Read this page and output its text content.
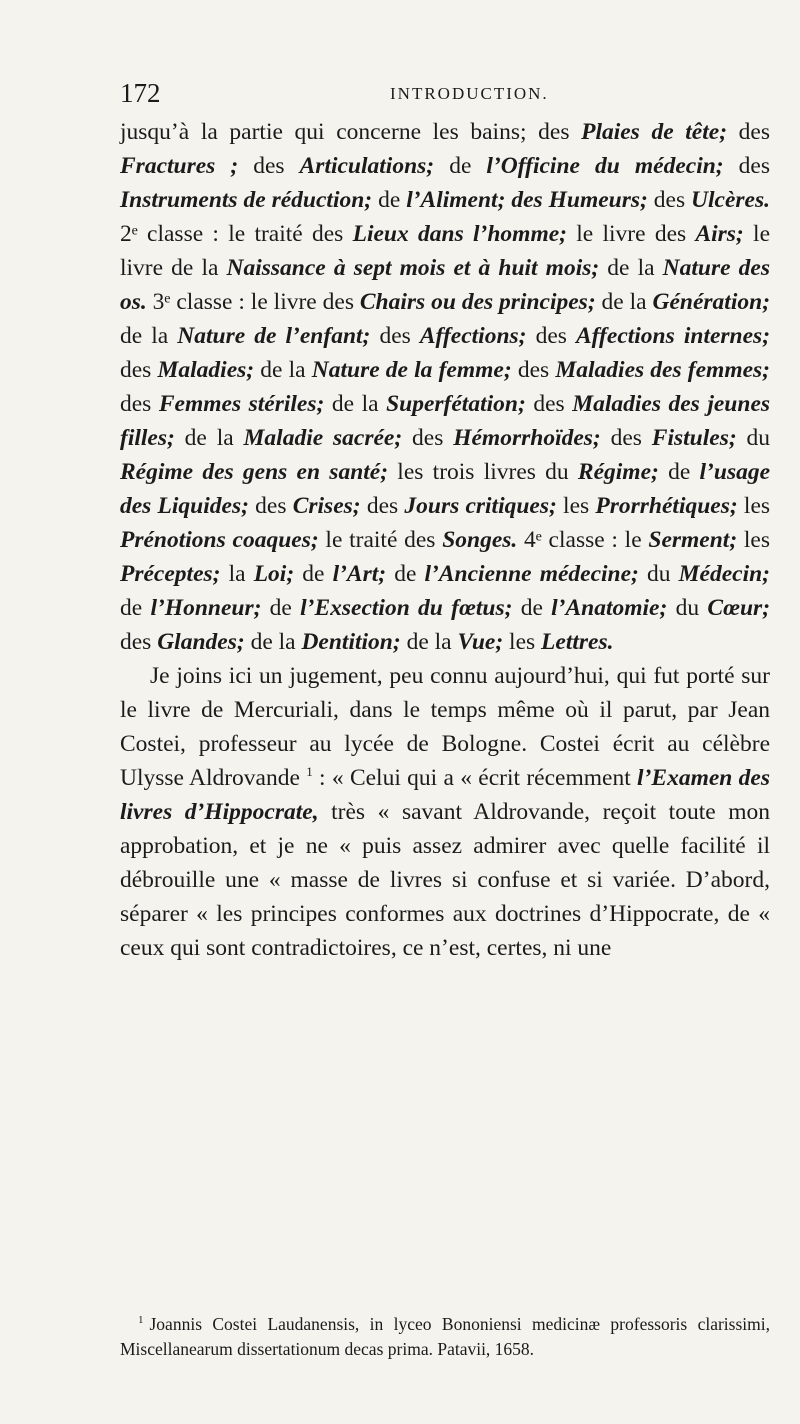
172	INTRODUCTION.

jusqu’à la partie qui concerne les bains; des Plaies de tête; des Fractures ; des Articulations; de l’Officine du médecin; des Instruments de réduction; de l’Aliment; des Humeurs; des Ulcères. 2ᵉ classe : le traité des Lieux dans l’homme; le livre des Airs; le livre de la Naissance à sept mois et à huit mois; de la Nature des os. 3ᵉ classe : le livre des Chairs ou des principes; de la Génération; de la Nature de l’enfant; des Affections; des Affections internes; des Maladies; de la Nature de la femme; des Maladies des femmes; des Femmes stériles; de la Superfétation; des Maladies des jeunes filles; de la Maladie sacrée; des Hémorrhoïdes; des Fistules; du Régime des gens en santé; les trois livres du Régime; de l’usage des Liquides; des Crises; des Jours critiques; les Prorrhétiques; les Prénotions coaques; le traité des Songes. 4ᵉ classe : le Serment; les Préceptes; la Loi; de l’Art; de l’Ancienne médecine; du Médecin; de l’Honneur; de l’Exsection du fœtus; de l’Anatomie; du Cœur; des Glandes; de la Dentition; de la Vue; les Lettres.

Je joins ici un jugement, peu connu aujourd’hui, qui fut porté sur le livre de Mercuriali, dans le temps même où il parut, par Jean Costei, professeur au lycée de Bologne. Costei écrit au célèbre Ulysse Aldrovande $^1$ : « Celui qui a « écrit récemment l’Examen des livres d’Hippocrate, très « savant Aldrovande, reçoit toute mon approbation, et je ne « puis assez admirer avec quelle facilité il débrouille une « masse de livres si confuse et si variée. D’abord, séparer « les principes conformes aux doctrines d’Hippocrate, de « ceux qui sont contradictoires, ce n’est, certes, ni une

$^1$ Joannis Costei Laudanensis, in lyceo Bononiensi medicinæ professoris clarissimi, Miscellanearum dissertationum decas prima. Patavii, 1658.
